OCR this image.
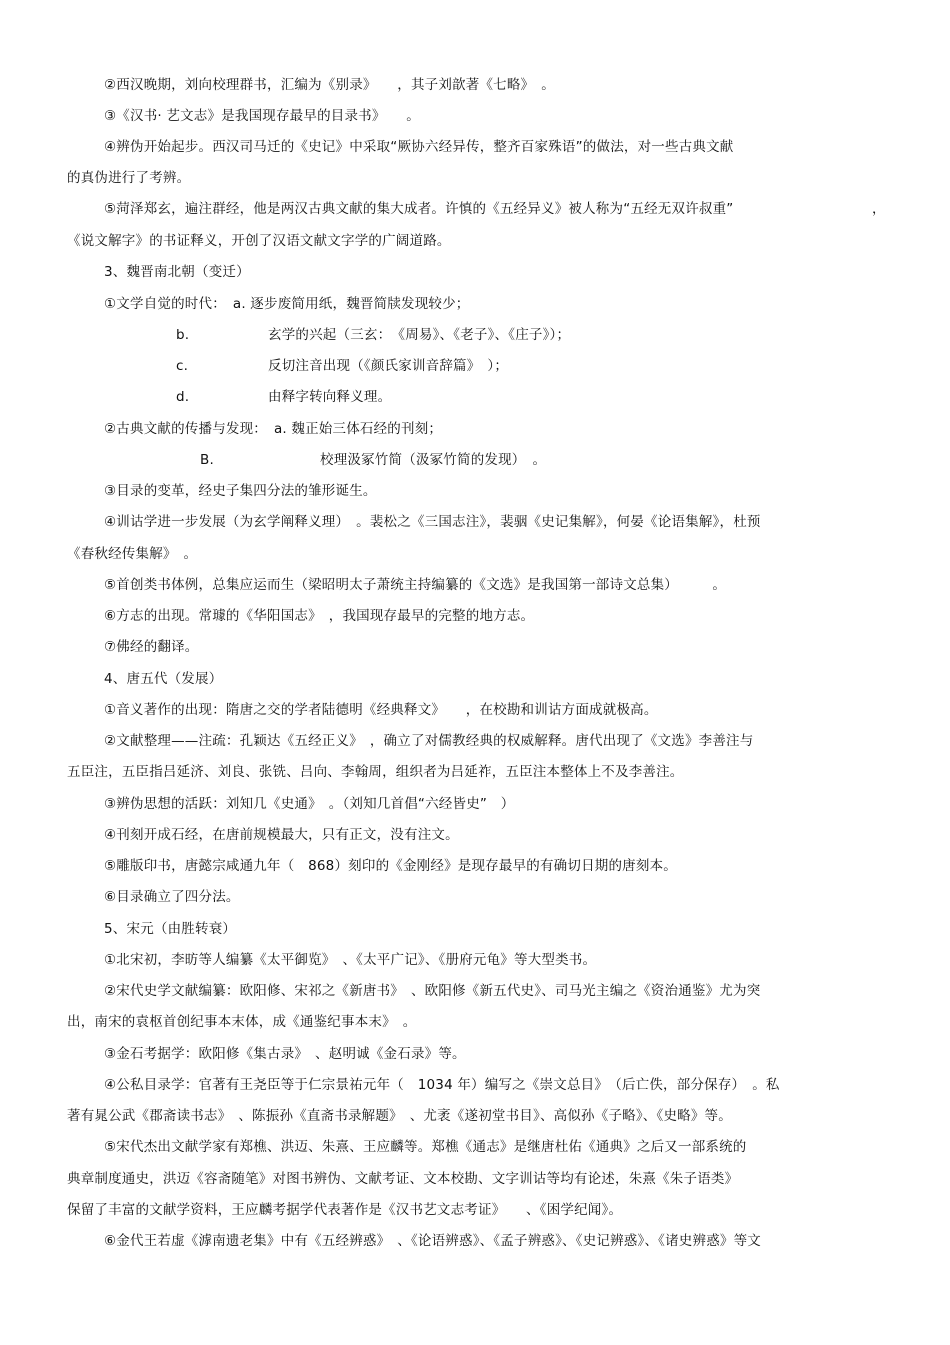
②西汉晚期，刘向校理群书，汇编为《别录》　　，其子刘歆著《七略》　。
③《汉书· 艺文志》是我国现存最早的目录书》　　。
④辨伪开始起步。西汉司马迁的《史记》中采取“厥协六经异传，整齐百家殊语”的做法，对一些古典文献
的真伪进行了考辨。
⑤菏泽郑玄，遍注群经，他是两汉古典文献的集大成者。许慎的《五经异义》被人称为“五经无双许叔重”	，
《说文解字》的书证释义，开创了汉语文献文字学的广阔道路。
3、魏晋南北朝（变迁）
①文学自觉的时代：　a. 逐步废简用纸，魏晋简牍发现较少；
b.	玄学的兴起（三玄：　《周易》、《老子》、《庄子》）；
c.	反切注音出现（《颜氏家训音辞篇》　）；
d.	由释字转向释义理。
②古典文献的传播与发现：　a. 魏正始三体石经的刊刻；
B.	校理汲冢竹简（汲冢竹简的发现）　。
③目录的变革，经史子集四分法的雏形诞生。
④训诂学进一步发展（为玄学阐释义理）　。裴松之《三国志注》，裴骃《史记集解》，何晏《论语集解》，杜预
《春秋经传集解》　。
⑤首创类书体例，总集应运而生（梁昭明太子萧统主持编纂的《文选》是我国第一部诗文总集）　　　。
⑥方志的出现。常璩的《华阳国志》　，我国现存最早的完整的地方志。
⑦佛经的翻译。
4、唐五代（发展）
①音义著作的出现：隋唐之交的学者陆德明《经典释文》　　，在校勘和训诂方面成就极高。
②文献整理——注疏：孔颖达《五经正义》　，确立了对儒教经典的权威解释。唐代出现了《文选》李善注与
五臣注，五臣指吕延济、刘良、张铣、吕向、李翰周，组织者为吕延祚，五臣注本整体上不及李善注。
③辨伪思想的活跃：刘知几《史通》　。（刘知几首倡“六经皆史”　）
④刊刻开成石经，在唐前规模最大，只有正文，没有注文。
⑤雕版印书，唐懿宗咸通九年（　868）刻印的《金刚经》是现存最早的有确切日期的唐刻本。
⑥目录确立了四分法。
5、宋元（由胜转衰）
①北宋初，李昉等人编纂《太平御览》　、《太平广记》、《册府元龟》等大型类书。
②宋代史学文献编纂：欧阳修、宋祁之《新唐书》　、欧阳修《新五代史》、司马光主编之《资治通鉴》尤为突
出，南宋的袁枢首创纪事本末体，成《通鉴纪事本末》　。
③金石考据学：欧阳修《集古录》　、赵明诚《金石录》等。
④公私目录学：官著有王尧臣等于仁宗景祐元年（　1034 年）编写之《崇文总目》　（后亡佚，部分保存）　。私
著有晁公武《郡斋读书志》　、陈振孙《直斋书录解题》　、尤袤《遂初堂书目》、高似孙《子略》、《史略》等。
⑤宋代杰出文献学家有郑樵、洪迈、朱熹、王应麟等。郑樵《通志》是继唐杜佑《通典》之后又一部系统的
典章制度通史，洪迈《容斋随笔》对图书辨伪、文献考证、文本校勘、文字训诂等均有论述，朱熹《朱子语类》
保留了丰富的文献学资料，王应麟考据学代表著作是《汉书艺文志考证》　　、《困学纪闻》。
⑥金代王若虚《滹南遗老集》中有《五经辨惑》　、《论语辨惑》、《孟子辨惑》、《史记辨惑》、《诸史辨惑》等文
